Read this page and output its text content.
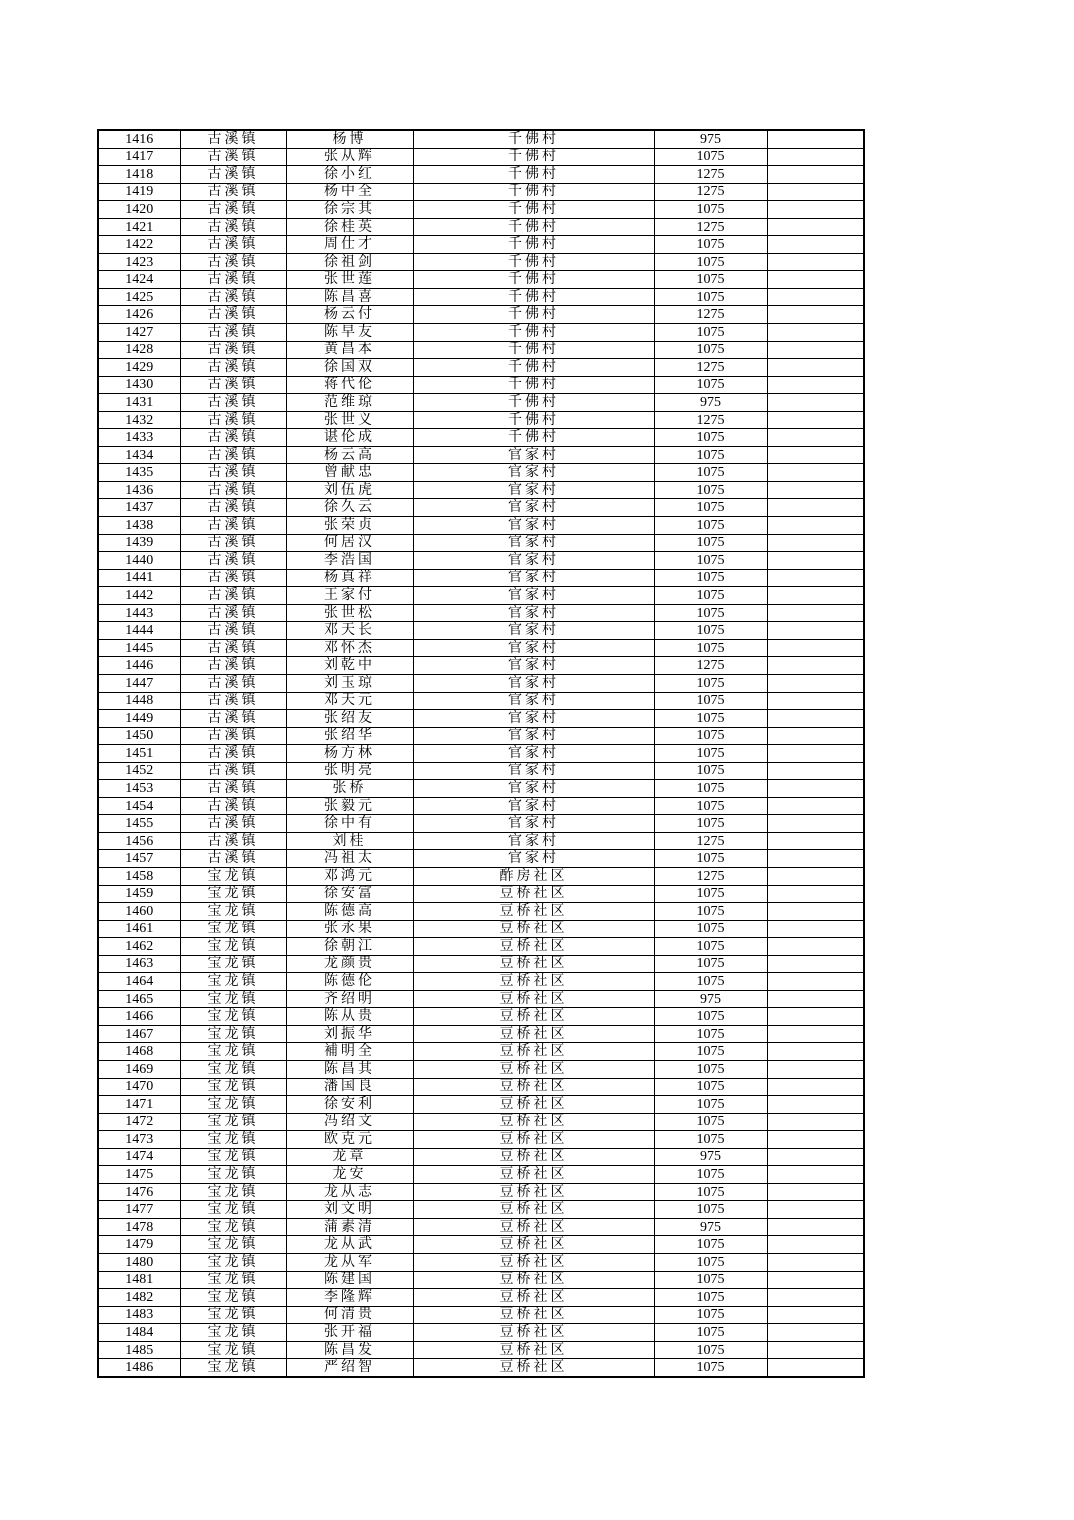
1416	古溪镇	杨博	千佛村	975	
1417	古溪镇	张从辉	千佛村	1075	
1418	古溪镇	徐小红	千佛村	1275	
1419	古溪镇	杨中全	千佛村	1275	
1420	古溪镇	徐宗其	千佛村	1075	
1421	古溪镇	徐桂英	千佛村	1275	
1422	古溪镇	周仕才	千佛村	1075	
1423	古溪镇	徐祖剑	千佛村	1075	
1424	古溪镇	张世莲	千佛村	1075	
1425	古溪镇	陈昌喜	千佛村	1075	
1426	古溪镇	杨云付	千佛村	1275	
1427	古溪镇	陈早友	千佛村	1075	
1428	古溪镇	黄昌本	千佛村	1075	
1429	古溪镇	徐国双	千佛村	1275	
1430	古溪镇	蒋代伦	千佛村	1075	
1431	古溪镇	范维琼	千佛村	975	
1432	古溪镇	张世义	千佛村	1275	
1433	古溪镇	谌伦成	千佛村	1075	
1434	古溪镇	杨云高	官家村	1075	
1435	古溪镇	曾献忠	官家村	1075	
1436	古溪镇	刘伍虎	官家村	1075	
1437	古溪镇	徐久云	官家村	1075	
1438	古溪镇	张荣贞	官家村	1075	
1439	古溪镇	何居汉	官家村	1075	
1440	古溪镇	李浩国	官家村	1075	
1441	古溪镇	杨真祥	官家村	1075	
1442	古溪镇	王家付	官家村	1075	
1443	古溪镇	张世松	官家村	1075	
1444	古溪镇	邓天长	官家村	1075	
1445	古溪镇	邓怀杰	官家村	1075	
1446	古溪镇	刘乾中	官家村	1275	
1447	古溪镇	刘玉琼	官家村	1075	
1448	古溪镇	邓天元	官家村	1075	
1449	古溪镇	张绍友	官家村	1075	
1450	古溪镇	张绍华	官家村	1075	
1451	古溪镇	杨方林	官家村	1075	
1452	古溪镇	张明亮	官家村	1075	
1453	古溪镇	张桥	官家村	1075	
1454	古溪镇	张毅元	官家村	1075	
1455	古溪镇	徐中有	官家村	1075	
1456	古溪镇	刘桂	官家村	1275	
1457	古溪镇	冯祖太	官家村	1075	
1458	宝龙镇	邓鸿元	酢房社区	1275	
1459	宝龙镇	徐安富	豆桥社区	1075	
1460	宝龙镇	陈德高	豆桥社区	1075	
1461	宝龙镇	张永果	豆桥社区	1075	
1462	宝龙镇	徐朝江	豆桥社区	1075	
1463	宝龙镇	龙颜贵	豆桥社区	1075	
1464	宝龙镇	陈德伦	豆桥社区	1075	
1465	宝龙镇	齐绍明	豆桥社区	975	
1466	宝龙镇	陈从贵	豆桥社区	1075	
1467	宝龙镇	刘振华	豆桥社区	1075	
1468	宝龙镇	補明全	豆桥社区	1075	
1469	宝龙镇	陈昌其	豆桥社区	1075	
1470	宝龙镇	潘国良	豆桥社区	1075	
1471	宝龙镇	徐安利	豆桥社区	1075	
1472	宝龙镇	冯绍文	豆桥社区	1075	
1473	宝龙镇	欧克元	豆桥社区	1075	
1474	宝龙镇	龙章	豆桥社区	975	
1475	宝龙镇	龙安	豆桥社区	1075	
1476	宝龙镇	龙从志	豆桥社区	1075	
1477	宝龙镇	刘文明	豆桥社区	1075	
1478	宝龙镇	蒲素清	豆桥社区	975	
1479	宝龙镇	龙从武	豆桥社区	1075	
1480	宝龙镇	龙从军	豆桥社区	1075	
1481	宝龙镇	陈建国	豆桥社区	1075	
1482	宝龙镇	李隆辉	豆桥社区	1075	
1483	宝龙镇	何清贵	豆桥社区	1075	
1484	宝龙镇	张开福	豆桥社区	1075	
1485	宝龙镇	陈昌发	豆桥社区	1075	
1486	宝龙镇	严绍智	豆桥社区	1075	
